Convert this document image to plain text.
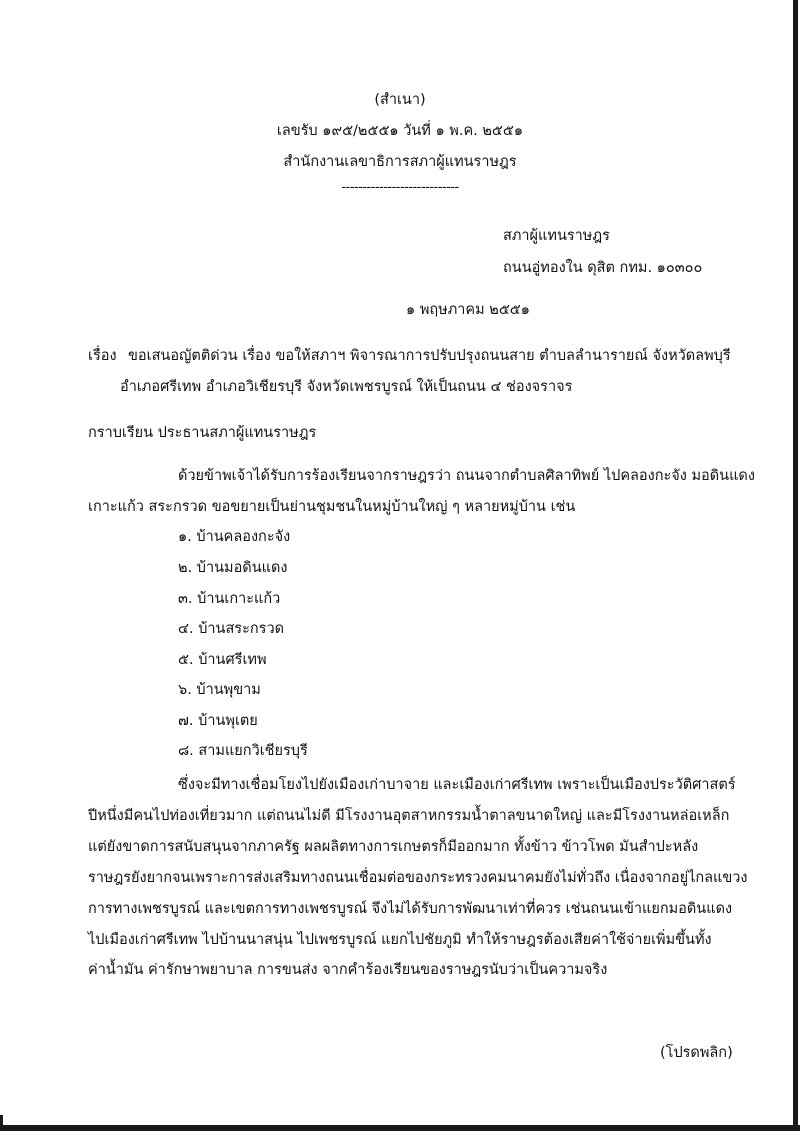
(สำเนา)
เลขรับ ๑๙๕/๒๕๕๑ วันที่ ๑ พ.ค. ๒๕๕๑
สำนักงานเลขาธิการสภาผู้แทนราษฎร
----------------------------
สภาผู้แทนราษฎร
ถนนอู่ทองใน ดุสิต กทม. ๑๐๓๐๐
๑ พฤษภาคม ๒๕๕๑
เรื่อง ขอเสนอญัตติด่วน เรื่อง ขอให้สภาฯ พิจารณาการปรับปรุงถนนสาย ตำบลลำนารายณ์ จังหวัดลพบุรี
อำเภอศรีเทพ อำเภอวิเชียรบุรี จังหวัดเพชรบูรณ์ ให้เป็นถนน ๔ ช่องจราจร
กราบเรียน ประธานสภาผู้แทนราษฎร
ด้วยข้าพเจ้าได้รับการร้องเรียนจากราษฎรว่า ถนนจากตำบลศิลาทิพย์ ไปคลองกะจัง มอดินแดง
เกาะแก้ว สระกรวด ขอขยายเป็นย่านชุมชนในหมู่บ้านใหญ่ ๆ หลายหมู่บ้าน เช่น
๑. บ้านคลองกะจัง
๒. บ้านมอดินแดง
๓. บ้านเกาะแก้ว
๔. บ้านสระกรวด
๕. บ้านศรีเทพ
๖. บ้านพุขาม
๗. บ้านพุเตย
๘. สามแยกวิเชียรบุรี
ซึ่งจะมีทางเชื่อมโยงไปยังเมืองเก่าบาจาย และเมืองเก่าศรีเทพ เพราะเป็นเมืองประวัติศาสตร์
ปีหนึ่งมีคนไปท่องเที่ยวมาก แต่ถนนไม่ดี มีโรงงานอุตสาหกรรมน้ำตาลขนาดใหญ่ และมีโรงงานหล่อเหล็ก
แต่ยังขาดการสนับสนุนจากภาครัฐ ผลผลิตทางการเกษตรก็มีออกมาก ทั้งข้าว ข้าวโพด มันสำปะหลัง
ราษฎรยังยากจนเพราะการส่งเสริมทางถนนเชื่อมต่อของกระทรวงคมนาคมยังไม่ทั่วถึง เนื่องจากอยู่ไกลแขวง
การทางเพชรบูรณ์ และเขตการทางเพชรบูรณ์ จึงไม่ได้รับการพัฒนาเท่าที่ควร เช่นถนนเข้าแยกมอดินแดง
ไปเมืองเก่าศรีเทพ ไปบ้านนาสนุ่น ไปเพชรบูรณ์ แยกไปชัยภูมิ ทำให้ราษฎรต้องเสียค่าใช้จ่ายเพิ่มขึ้นทั้ง
ค่าน้ำมัน ค่ารักษาพยาบาล การขนส่ง จากคำร้องเรียนของราษฎรนับว่าเป็นความจริง
(โปรดพลิก)
